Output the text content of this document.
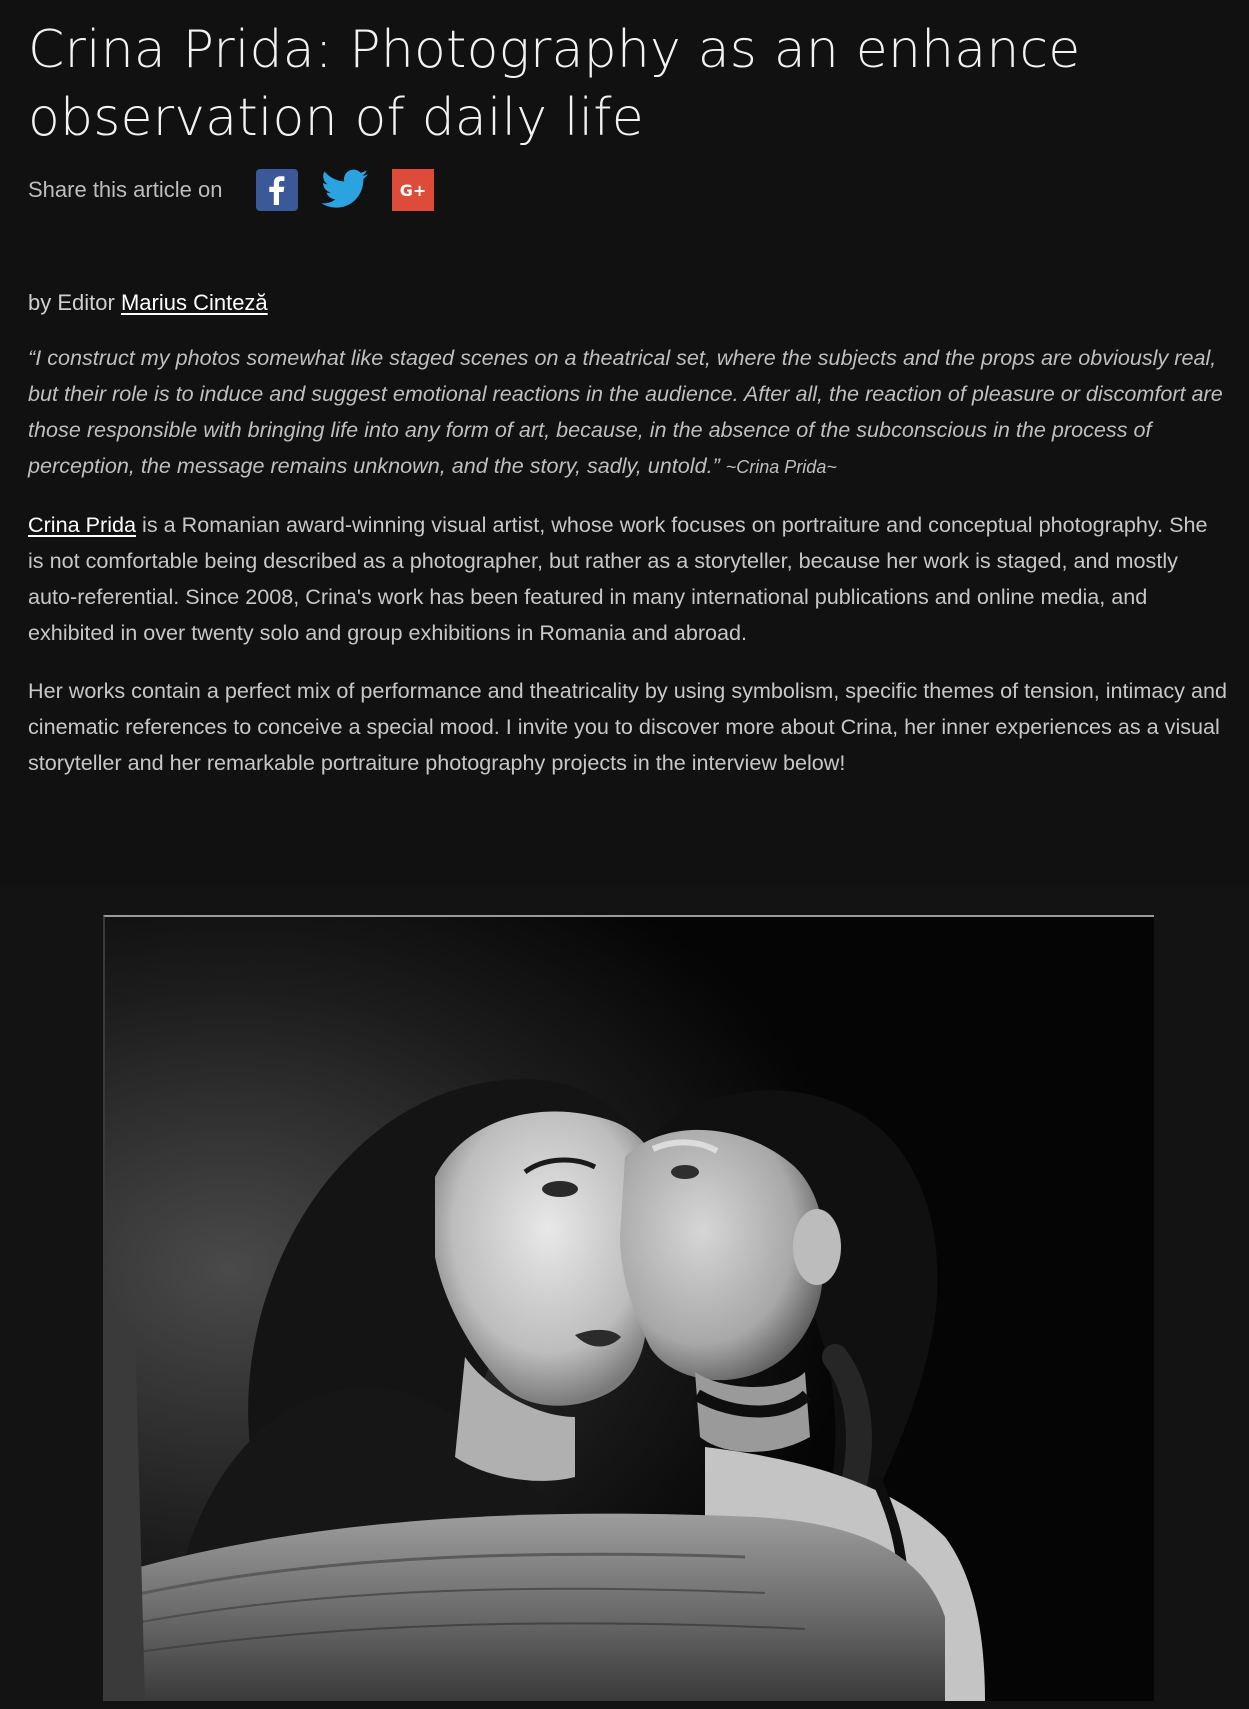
Crina Prida: Photography as an enhance observation of daily life
Share this article on	G+
by Editor Marius Cinteză

“I construct my photos somewhat like staged scenes on a theatrical set, where the subjects and the props are obviously real, but their role is to induce and suggest emotional reactions in the audience. After all, the reaction of pleasure or discomfort are those responsible with bringing life into any form of art, because, in the absence of the subconscious in the process of perception, the message remains unknown, and the story, sadly, untold.” ~Crina Prida~

Crina Prida is a Romanian award-winning visual artist, whose work focuses on portraiture and conceptual photography. She is not comfortable being described as a photographer, but rather as a storyteller, because her work is staged, and mostly auto-referential. Since 2008, Crina's work has been featured in many international publications and online media, and exhibited in over twenty solo and group exhibitions in Romania and abroad.

Her works contain a perfect mix of performance and theatricality by using symbolism, specific themes of tension, intimacy and cinematic references to conceive a special mood. I invite you to discover more about Crina, her inner experiences as a visual storyteller and her remarkable portraiture photography projects in the interview below!
